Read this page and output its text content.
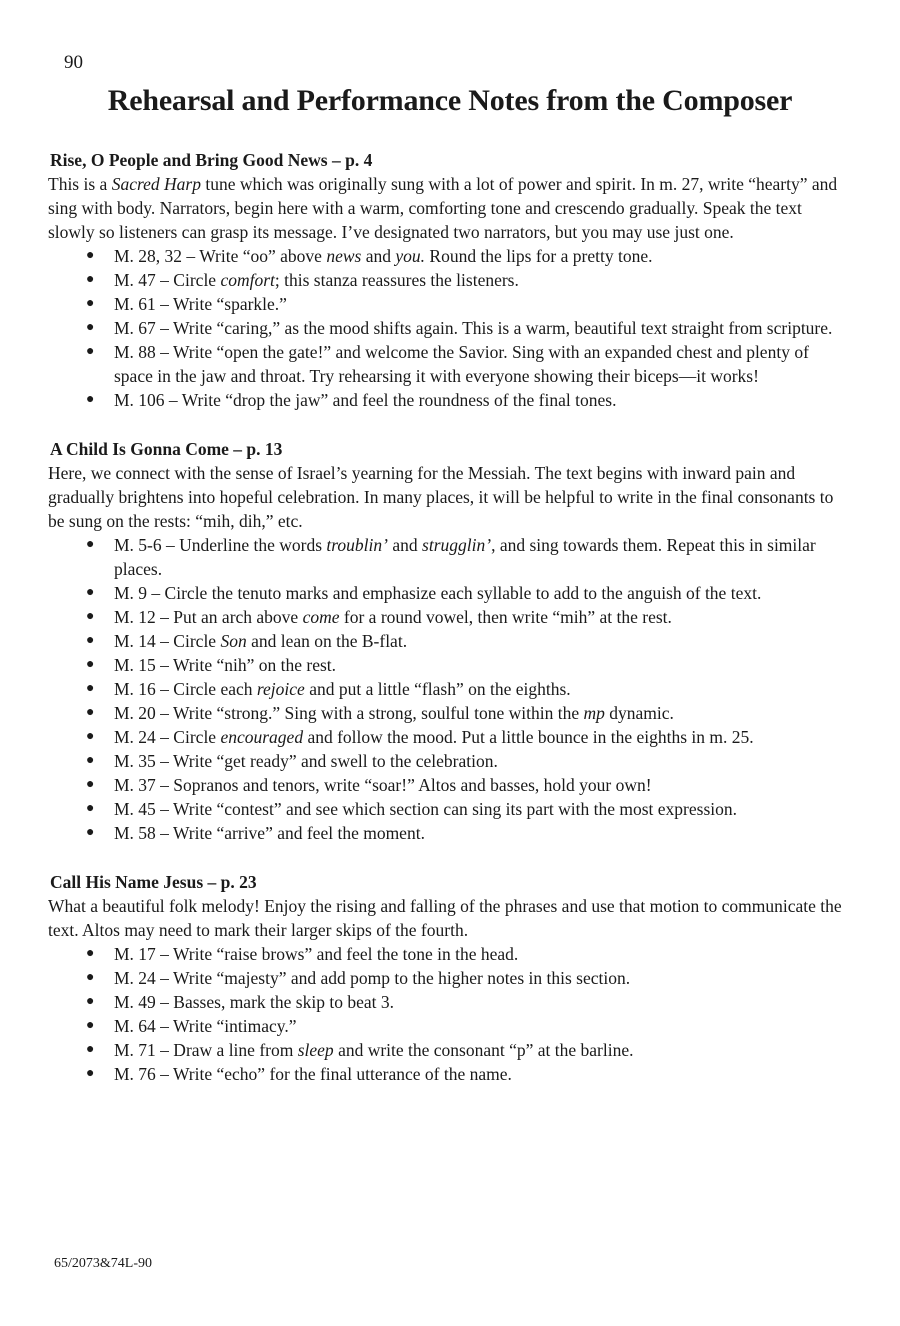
90
Rehearsal and Performance Notes from the Composer
Rise, O People and Bring Good News – p. 4

This is a Sacred Harp tune which was originally sung with a lot of power and spirit. In m. 27, write “hearty” and sing with body. Narrators, begin here with a warm, comforting tone and crescendo gradually. Speak the text slowly so listeners can grasp its message. I’ve designated two narrators, but you may use just one.

● M. 28, 32 – Write “oo” above news and you. Round the lips for a pretty tone.
● M. 47 – Circle comfort; this stanza reassures the listeners.
● M. 61 – Write “sparkle.”
● M. 67 – Write “caring,” as the mood shifts again. This is a warm, beautiful text straight from scripture.
● M. 88 – Write “open the gate!” and welcome the Savior. Sing with an expanded chest and plenty of space in the jaw and throat. Try rehearsing it with everyone showing their biceps—it works!
● M. 106 – Write “drop the jaw” and feel the roundness of the final tones.
A Child Is Gonna Come – p. 13

Here, we connect with the sense of Israel’s yearning for the Messiah. The text begins with inward pain and gradually brightens into hopeful celebration. In many places, it will be helpful to write in the final consonants to be sung on the rests: “mih, dih,” etc.

● M. 5-6 – Underline the words troublin’ and strugglin’, and sing towards them. Repeat this in similar places.
● M. 9 – Circle the tenuto marks and emphasize each syllable to add to the anguish of the text.
● M. 12 – Put an arch above come for a round vowel, then write “mih” at the rest.
● M. 14 – Circle Son and lean on the B-flat.
● M. 15 – Write “nih” on the rest.
● M. 16 – Circle each rejoice and put a little “flash” on the eighths.
● M. 20 – Write “strong.” Sing with a strong, soulful tone within the mp dynamic.
● M. 24 – Circle encouraged and follow the mood. Put a little bounce in the eighths in m. 25.
● M. 35 – Write “get ready” and swell to the celebration.
● M. 37 – Sopranos and tenors, write “soar!” Altos and basses, hold your own!
● M. 45 – Write “contest” and see which section can sing its part with the most expression.
● M. 58 – Write “arrive” and feel the moment.
Call His Name Jesus – p. 23

What a beautiful folk melody! Enjoy the rising and falling of the phrases and use that motion to communicate the text. Altos may need to mark their larger skips of the fourth.

● M. 17 – Write “raise brows” and feel the tone in the head.
● M. 24 – Write “majesty” and add pomp to the higher notes in this section.
● M. 49 – Basses, mark the skip to beat 3.
● M. 64 – Write “intimacy.”
● M. 71 – Draw a line from sleep and write the consonant “p” at the barline.
● M. 76 – Write “echo” for the final utterance of the name.
65/2073&74L-90
